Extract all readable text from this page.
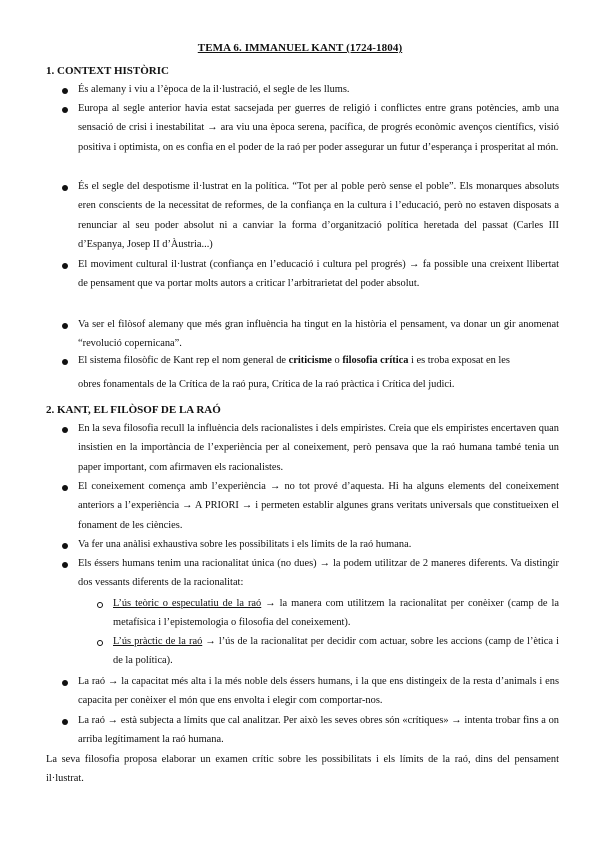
TEMA 6. IMMANUEL KANT (1724-1804)
1. CONTEXT HISTÒRIC
És alemany i viu a l’època de la il·lustració, el segle de les llums.
Europa al segle anterior havia estat sacsejada per guerres de religió i conflictes entre grans potències, amb una sensació de crisi i inestabilitat → ara viu una època serena, pacífica, de progrés econòmic avenços científics, visió positiva i optimista, on es confia en el poder de la raó per poder assegurar un futur d’esperança i prosperitat al món.
És el segle del despotisme il·lustrat en la política. “Tot per al poble però sense el poble”. Els monarques absoluts eren conscients de la necessitat de reformes, de la confiança en la cultura i l’educació, però no estaven disposats a renunciar al seu poder absolut ni a canviar la forma d’organització política heretada del passat (Carles III d’Espanya, Josep II d’Àustria...)
El moviment cultural il·lustrat (confiança en l’educació i cultura pel progrés) → fa possible una creixent llibertat de pensament que va portar molts autors a criticar l’arbitrarietat del poder absolut.
Va ser el filòsof alemany que més gran influència ha tingut en la història el pensament, va donar un gir anomenat “revolució copernicana”.
El sistema filosòfic de Kant rep el nom general de criticisme o filosofia crítica i es troba exposat en les
obres fonamentals de la Crítica de la raó pura, Crítica de la raó pràctica i Crítica del judici.
2. KANT, EL FILÒSOF DE LA RAÓ
En la seva filosofia recull la influència dels racionalistes i dels empiristes. Creia que els empiristes encertaven quan insistien en la importància de l’experiència per al coneixement, però pensava que la raó humana també tenia un paper important, com afirmaven els racionalistes.
El coneixement comença amb l’experiència → no tot prové d’aquesta. Hi ha alguns elements del coneixement anteriors a l’experiència → A PRIORI → i permeten establir algunes grans veritats universals que constitueixen el fonament de les ciències.
Va fer una anàlisi exhaustiva sobre les possibilitats i els límits de la raó humana.
Els éssers humans tenim una racionalitat única (no dues) → la podem utilitzar de 2 maneres diferents. Va distingir dos vessants diferents de la racionalitat:
L’ús teòric o especulatiu de la raó → la manera com utilitzem la racionalitat per conèixer (camp de la metafísica i l’epistemologia o filosofia del coneixement).
L’ús pràctic de la raó → l’ús de la racionalitat per decidir com actuar, sobre les accions (camp de l’ètica i de la política).
La raó → la capacitat més alta i la més noble dels éssers humans, i la que ens distingeix de la resta d’animals i ens capacita per conèixer el món que ens envolta i elegir com comportar-nos.
La raó → està subjecta a límits que cal analitzar. Per això les seves obres són «crítiques» → intenta trobar fins a on arriba legítimament la raó humana.
La seva filosofia proposa elaborar un examen crític sobre les possibilitats i els límits de la raó, dins del pensament il·lustrat.
